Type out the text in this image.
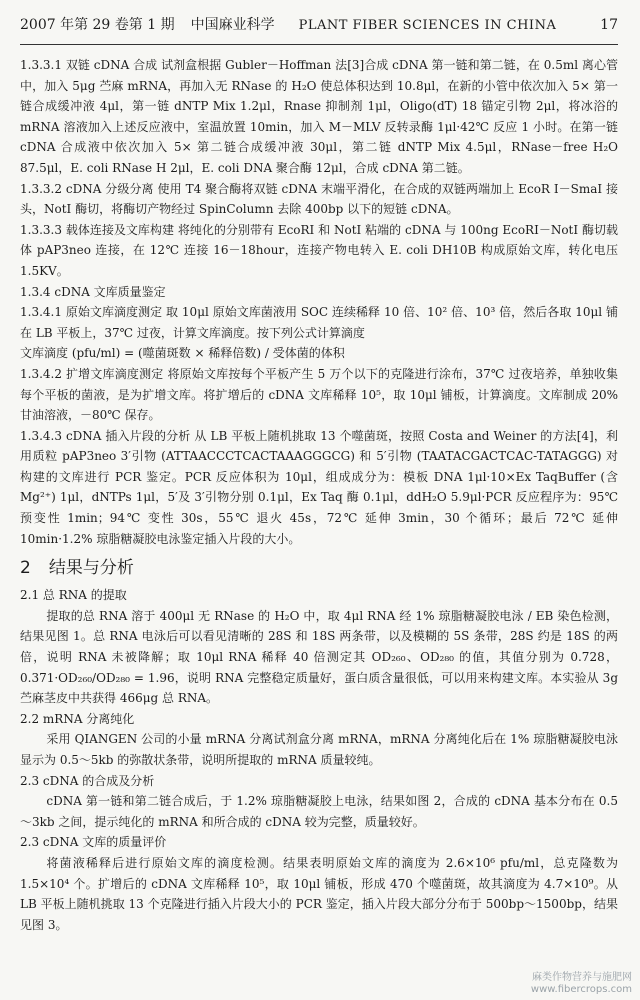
2007 年第 29 卷第 1 期 中国麻业科学 PLANT FIBER SCIENCES IN CHINA	17

1.3.3.1 双链 cDNA 合成 试剂盒根据 Gubler－Hoffman 法[3]合成 cDNA 第一链和第二链，在 0.5ml 离心管中，加入 5μg 苎麻 mRNA，再加入无 RNase 的 H₂O 使总体积达到 10.8μl，在新的小管中依次加入 5× 第一链合成缓冲液 4μl，第一链 dNTP Mix 1.2μl，Rnase 抑制剂 1μl，Oligo(dT) 18 锚定引物 2μl，将冰浴的 mRNA 溶液加入上述反应液中，室温放置 10min，加入 M－MLV 反转录酶 1μl·42℃ 反应 1 小时。在第一链 cDNA 合成液中依次加入 5× 第二链合成缓冲液 30μl，第二链 dNTP Mix 4.5μl，RNase－free H₂O 87.5μl，E. coli RNase H 2μl，E. coli DNA 聚合酶 12μl，合成 cDNA 第二链。

1.3.3.2 cDNA 分级分离 使用 T4 聚合酶将双链 cDNA 末端平滑化，在合成的双链两端加上 EcoR I－SmaI 接头，NotI 酶切，将酶切产物经过 SpinColumn 去除 400bp 以下的短链 cDNA。

1.3.3.3 载体连接及文库构建 将纯化的分别带有 EcoRI 和 NotI 粘端的 cDNA 与 100ng EcoRI－NotI 酶切载体 pAP3neo 连接，在 12℃ 连接 16－18hour，连接产物电转入 E. coli DH10B 构成原始文库，转化电压 1.5KV。

1.3.4 cDNA 文库质量鉴定

1.3.4.1 原始文库滴度测定 取 10μl 原始文库菌液用 SOC 连续稀释 10 倍、10² 倍、10³ 倍，然后各取 10μl 铺在 LB 平板上，37℃ 过夜，计算文库滴度。按下列公式计算滴度

文库滴度 (pfu/ml) = (噬菌斑数 × 稀释倍数) / 受体菌的体积

1.3.4.2 扩增文库滴度测定 将原始文库按每个平板产生 5 万个以下的克隆进行涂布，37℃ 过夜培养，单独收集每个平板的菌液，是为扩增文库。将扩增后的 cDNA 文库稀释 10⁵，取 10μl 铺板，计算滴度。文库制成 20% 甘油溶液，－80℃ 保存。

1.3.4.3 cDNA 插入片段的分析 从 LB 平板上随机挑取 13 个噬菌斑，按照 Costa and Weiner 的方法[4]，利用质粒 pAP3neo 3′引物 (ATTAACCCTCACTAAAGGGCG) 和 5′引物 (TAATACGACTCAC-TATAGGG) 对构建的文库进行 PCR 鉴定。PCR 反应体积为 10μl，组成成分为：模板 DNA 1μl·10×Ex TaqBuffer (含 Mg²⁺) 1μl，dNTPs 1μl，5′及 3′引物分别 0.1μl，Ex Taq 酶 0.1μl，ddH₂O 5.9μl·PCR 反应程序为：95℃ 预变性 1min；94℃ 变性 30s，55℃ 退火 45s，72℃ 延伸 3min，30 个循环；最后 72℃ 延伸 10min·1.2% 琼脂糖凝胶电泳鉴定插入片段的大小。

2 结果与分析

2.1 总 RNA 的提取

提取的总 RNA 溶于 400μl 无 RNase 的 H₂O 中，取 4μl RNA 经 1% 琼脂糖凝胶电泳 / EB 染色检测，结果见图 1。总 RNA 电泳后可以看见清晰的 28S 和 18S 两条带，以及模糊的 5S 条带，28S 约是 18S 的两倍，说明 RNA 未被降解；取 10μl RNA 稀释 40 倍测定其 OD₂₆₀、OD₂₈₀ 的值，其值分别为 0.728，0.371·OD₂₆₀/OD₂₈₀ = 1.96，说明 RNA 完整稳定质量好，蛋白质含量很低，可以用来构建文库。本实验从 3g 苎麻茎皮中共获得 466μg 总 RNA。

2.2 mRNA 分离纯化

采用 QIANGEN 公司的小量 mRNA 分离试剂盒分离 mRNA，mRNA 分离纯化后在 1% 琼脂糖凝胶电泳显示为 0.5～5kb 的弥散状条带，说明所提取的 mRNA 质量较纯。

2.3 cDNA 的合成及分析

cDNA 第一链和第二链合成后，于 1.2% 琼脂糖凝胶上电泳，结果如图 2，合成的 cDNA 基本分布在 0.5～3kb 之间，提示纯化的 mRNA 和所合成的 cDNA 较为完整，质量较好。

2.3 cDNA 文库的质量评价

将菌液稀释后进行原始文库的滴度检测。结果表明原始文库的滴度为 2.6×10⁶ pfu/ml，总克隆数为 1.5×10⁴ 个。扩增后的 cDNA 文库稀释 10⁵，取 10μl 铺板，形成 470 个噬菌斑，故其滴度为 4.7×10⁹。从 LB 平板上随机挑取 13 个克隆进行插入片段大小的 PCR 鉴定，插入片段大部分分布于 500bp～1500bp，结果见图 3。

麻类作物营养与施肥网
www.fibercrops.com
